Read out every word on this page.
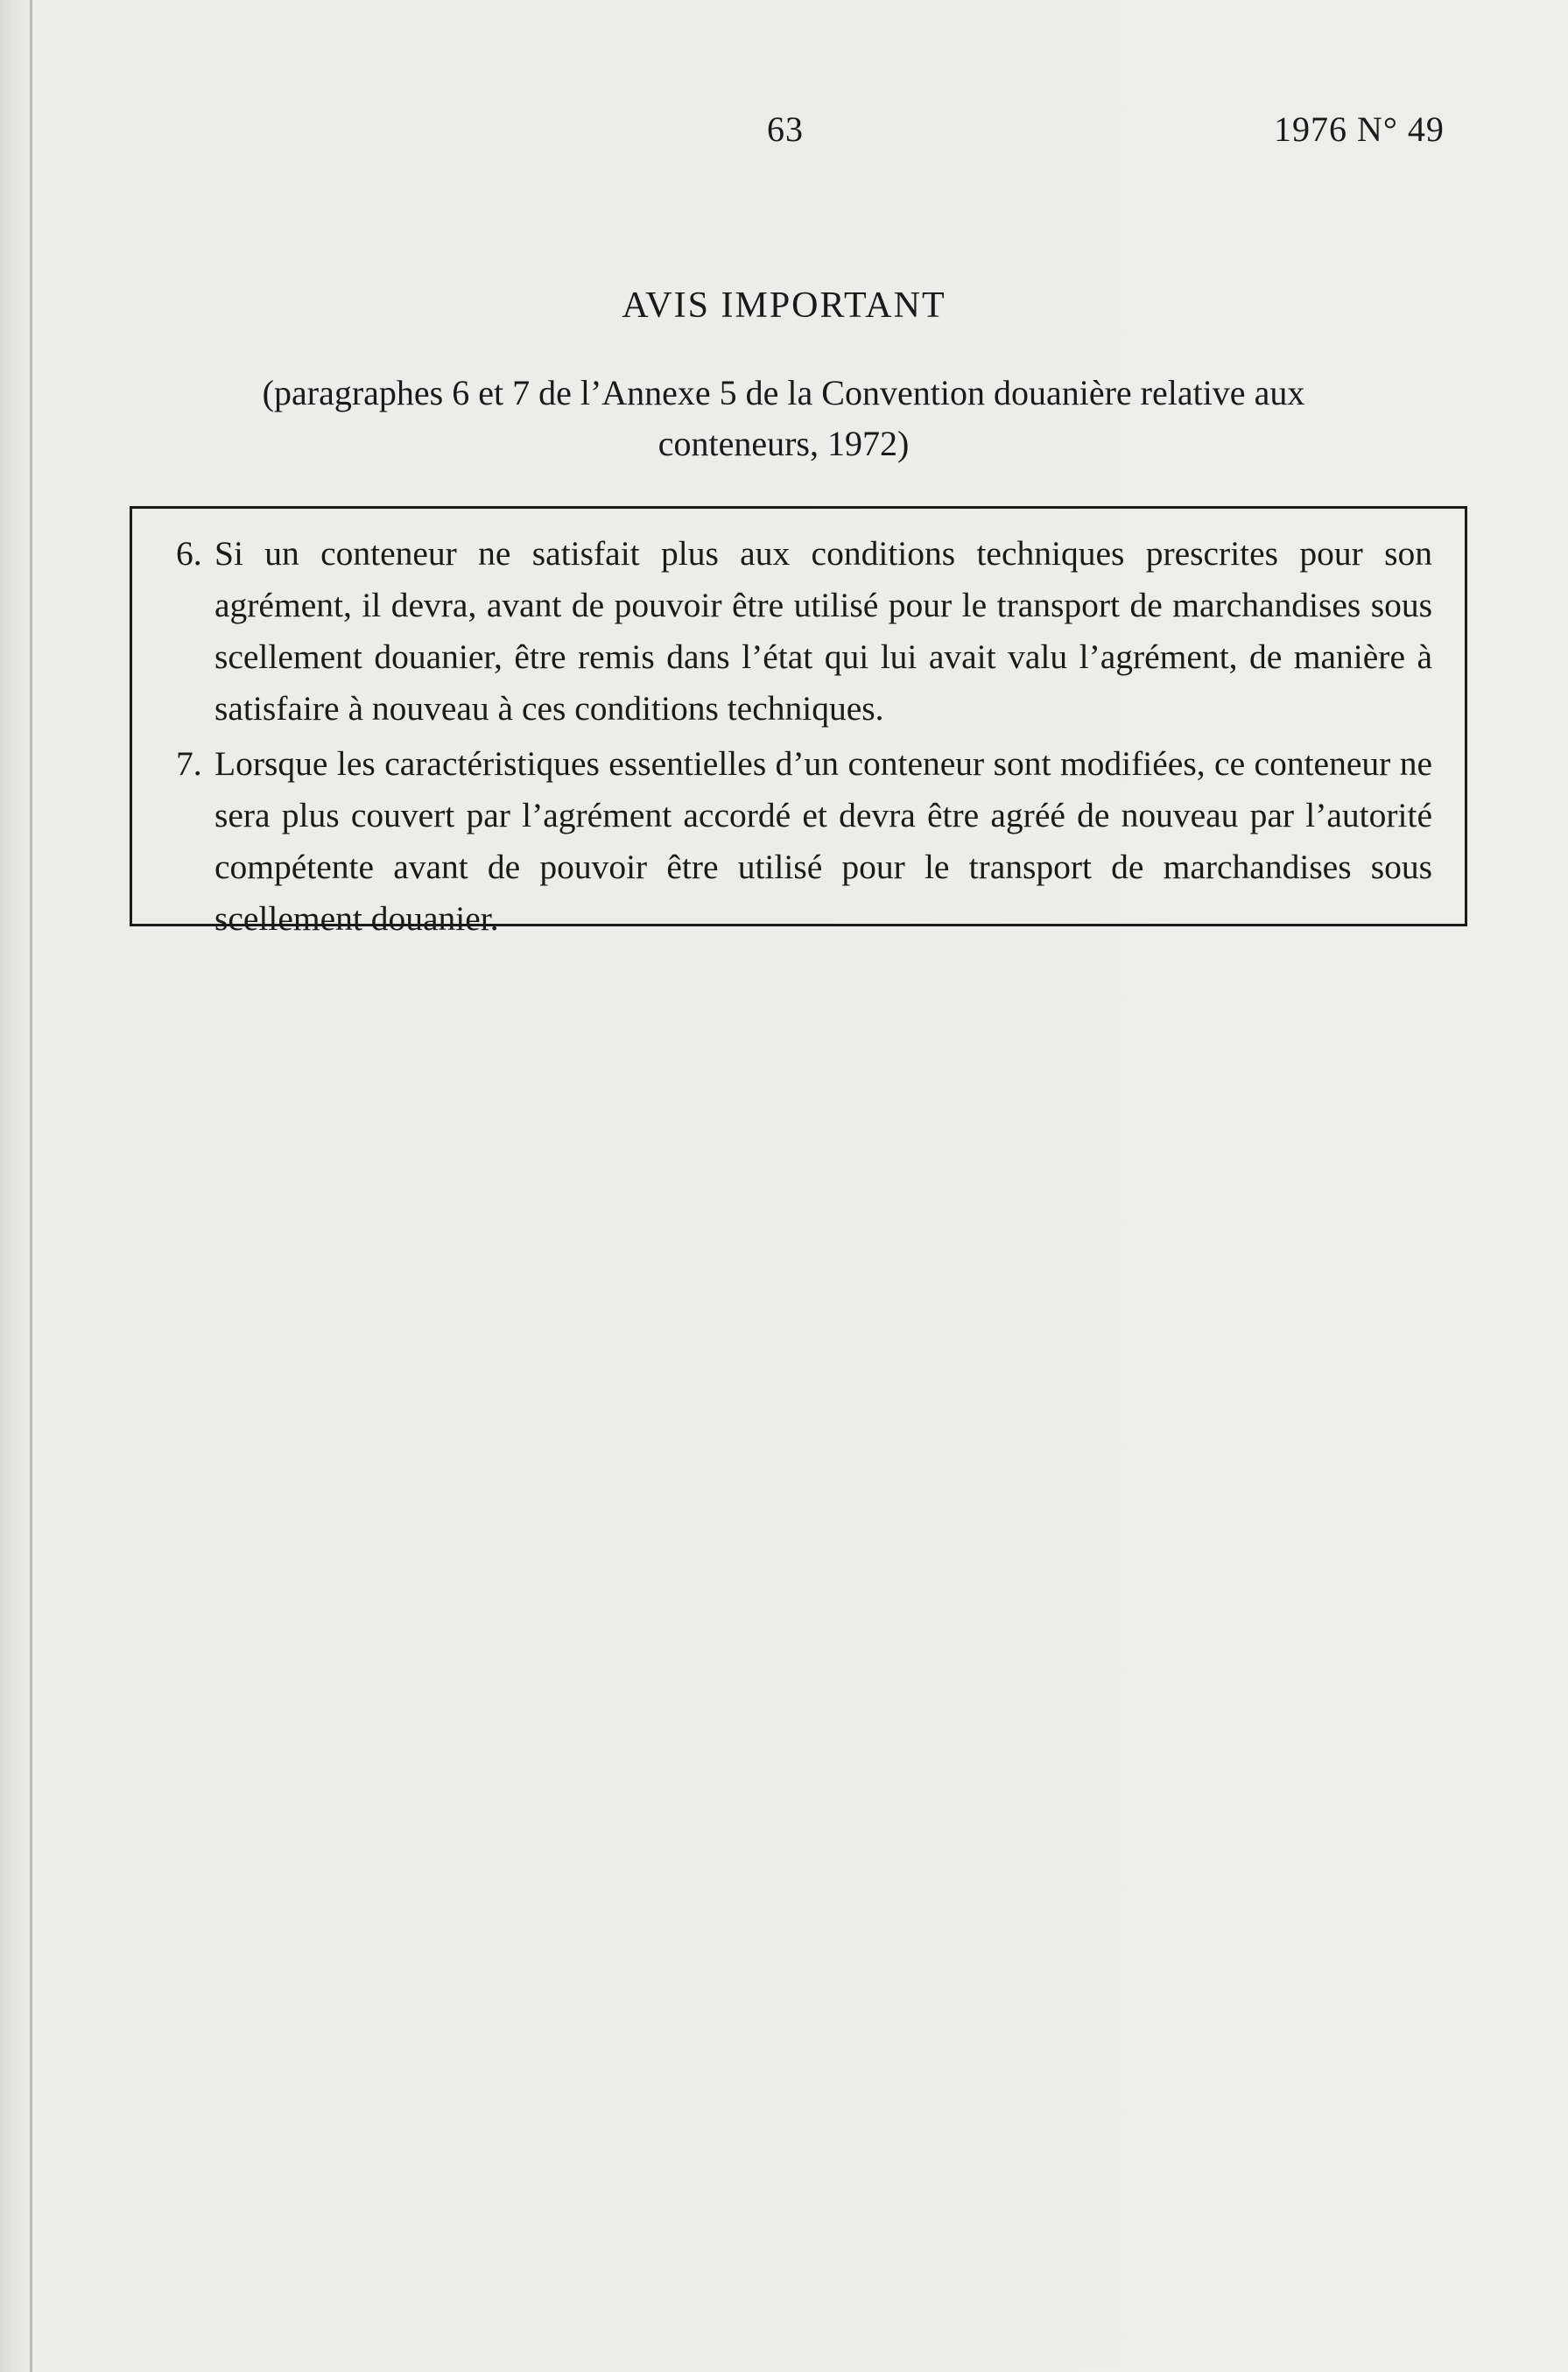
63	1976 N° 49
AVIS IMPORTANT
(paragraphes 6 et 7 de l’Annexe 5 de la Convention douanière relative aux conteneurs, 1972)
6. Si un conteneur ne satisfait plus aux conditions techniques prescrites pour son agrément, il devra, avant de pouvoir être utilisé pour le transport de marchandises sous scellement douanier, être remis dans l’état qui lui avait valu l’agrément, de manière à satisfaire à nouveau à ces conditions techniques.
7. Lorsque les caractéristiques essentielles d’un conteneur sont modifiées, ce conteneur ne sera plus couvert par l’agrément accordé et devra être agréé de nouveau par l’autorité compétente avant de pouvoir être utilisé pour le transport de marchandises sous scellement douanier.
